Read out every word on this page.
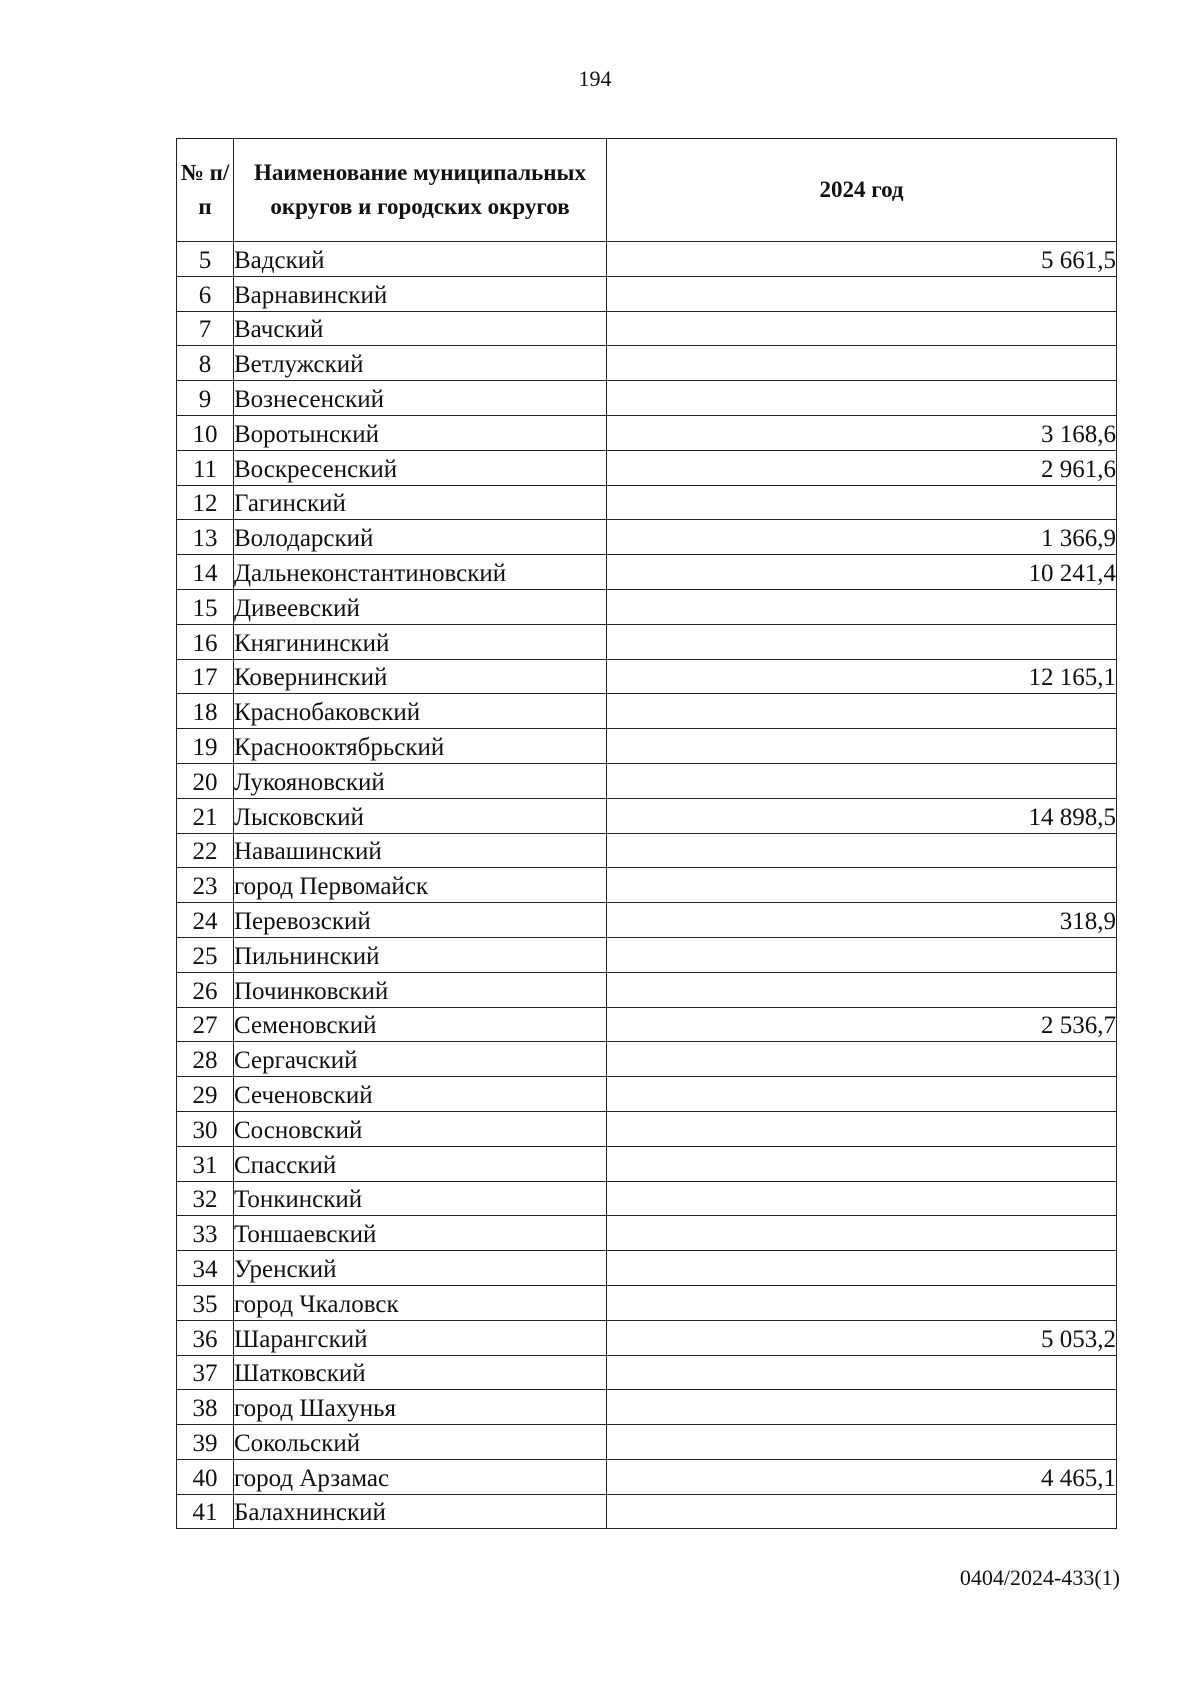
194
№ п/п	Наименование муниципальных округов и городских округов	2024 год
5	Вадский	5 661,5
6	Варнавинский	
7	Вачский	
8	Ветлужский	
9	Вознесенский	
10	Воротынский	3 168,6
11	Воскресенский	2 961,6
12	Гагинский	
13	Володарский	1 366,9
14	Дальнеконстантиновский	10 241,4
15	Дивеевский	
16	Княгининский	
17	Ковернинский	12 165,1
18	Краснобаковский	
19	Краснооктябрьский	
20	Лукояновский	
21	Лысковский	14 898,5
22	Навашинский	
23	город Первомайск	
24	Перевозский	318,9
25	Пильнинский	
26	Починковский	
27	Семеновский	2 536,7
28	Сергачский	
29	Сеченовский	
30	Сосновский	
31	Спасский	
32	Тонкинский	
33	Тоншаевский	
34	Уренский	
35	город Чкаловск	
36	Шарангский	5 053,2
37	Шатковский	
38	город Шахунья	
39	Сокольский	
40	город Арзамас	4 465,1
41	Балахнинский	
0404/2024-433(1)
